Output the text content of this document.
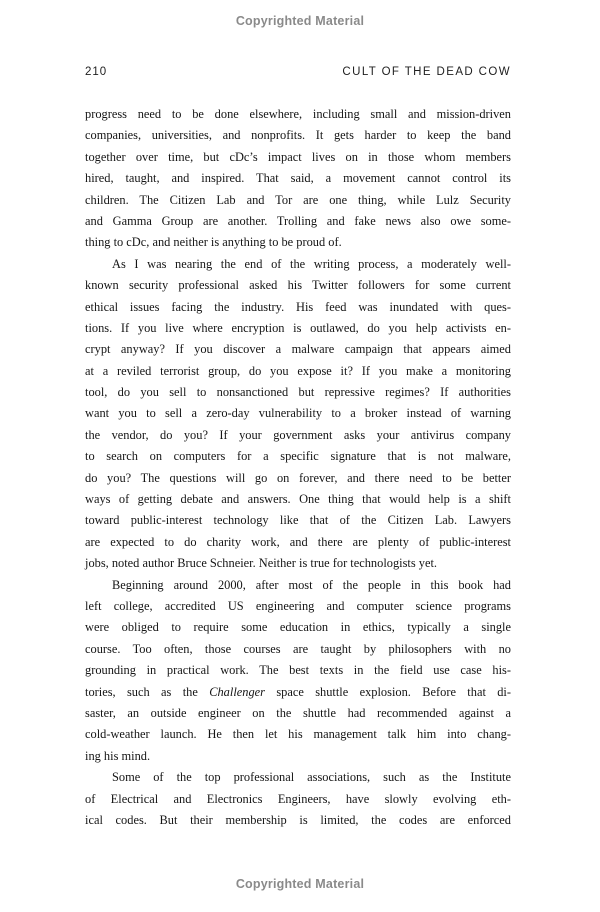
Copyrighted Material
210	CULT OF THE DEAD COW
progress need to be done elsewhere, including small and mission-driven
companies, universities, and nonprofits. It gets harder to keep the band
together over time, but cDc’s impact lives on in those whom members
hired, taught, and inspired. That said, a movement cannot control its
children. The Citizen Lab and Tor are one thing, while Lulz Security
and Gamma Group are another. Trolling and fake news also owe some-
thing to cDc, and neither is anything to be proud of.
As I was nearing the end of the writing process, a moderately well-
known security professional asked his Twitter followers for some current
ethical issues facing the industry. His feed was inundated with ques-
tions. If you live where encryption is outlawed, do you help activists en-
crypt anyway? If you discover a malware campaign that appears aimed
at a reviled terrorist group, do you expose it? If you make a monitoring
tool, do you sell to nonsanctioned but repressive regimes? If authorities
want you to sell a zero-day vulnerability to a broker instead of warning
the vendor, do you? If your government asks your antivirus company
to search on computers for a specific signature that is not malware,
do you? The questions will go on forever, and there need to be better
ways of getting debate and answers. One thing that would help is a shift
toward public-interest technology like that of the Citizen Lab. Lawyers
are expected to do charity work, and there are plenty of public-interest
jobs, noted author Bruce Schneier. Neither is true for technologists yet.
Beginning around 2000, after most of the people in this book had
left college, accredited US engineering and computer science programs
were obliged to require some education in ethics, typically a single
course. Too often, those courses are taught by philosophers with no
grounding in practical work. The best texts in the field use case his-
tories, such as the Challenger space shuttle explosion. Before that di-
saster, an outside engineer on the shuttle had recommended against a
cold-weather launch. He then let his management talk him into chang-
ing his mind.
Some of the top professional associations, such as the Institute
of Electrical and Electronics Engineers, have slowly evolving eth-
ical codes. But their membership is limited, the codes are enforced
Copyrighted Material
